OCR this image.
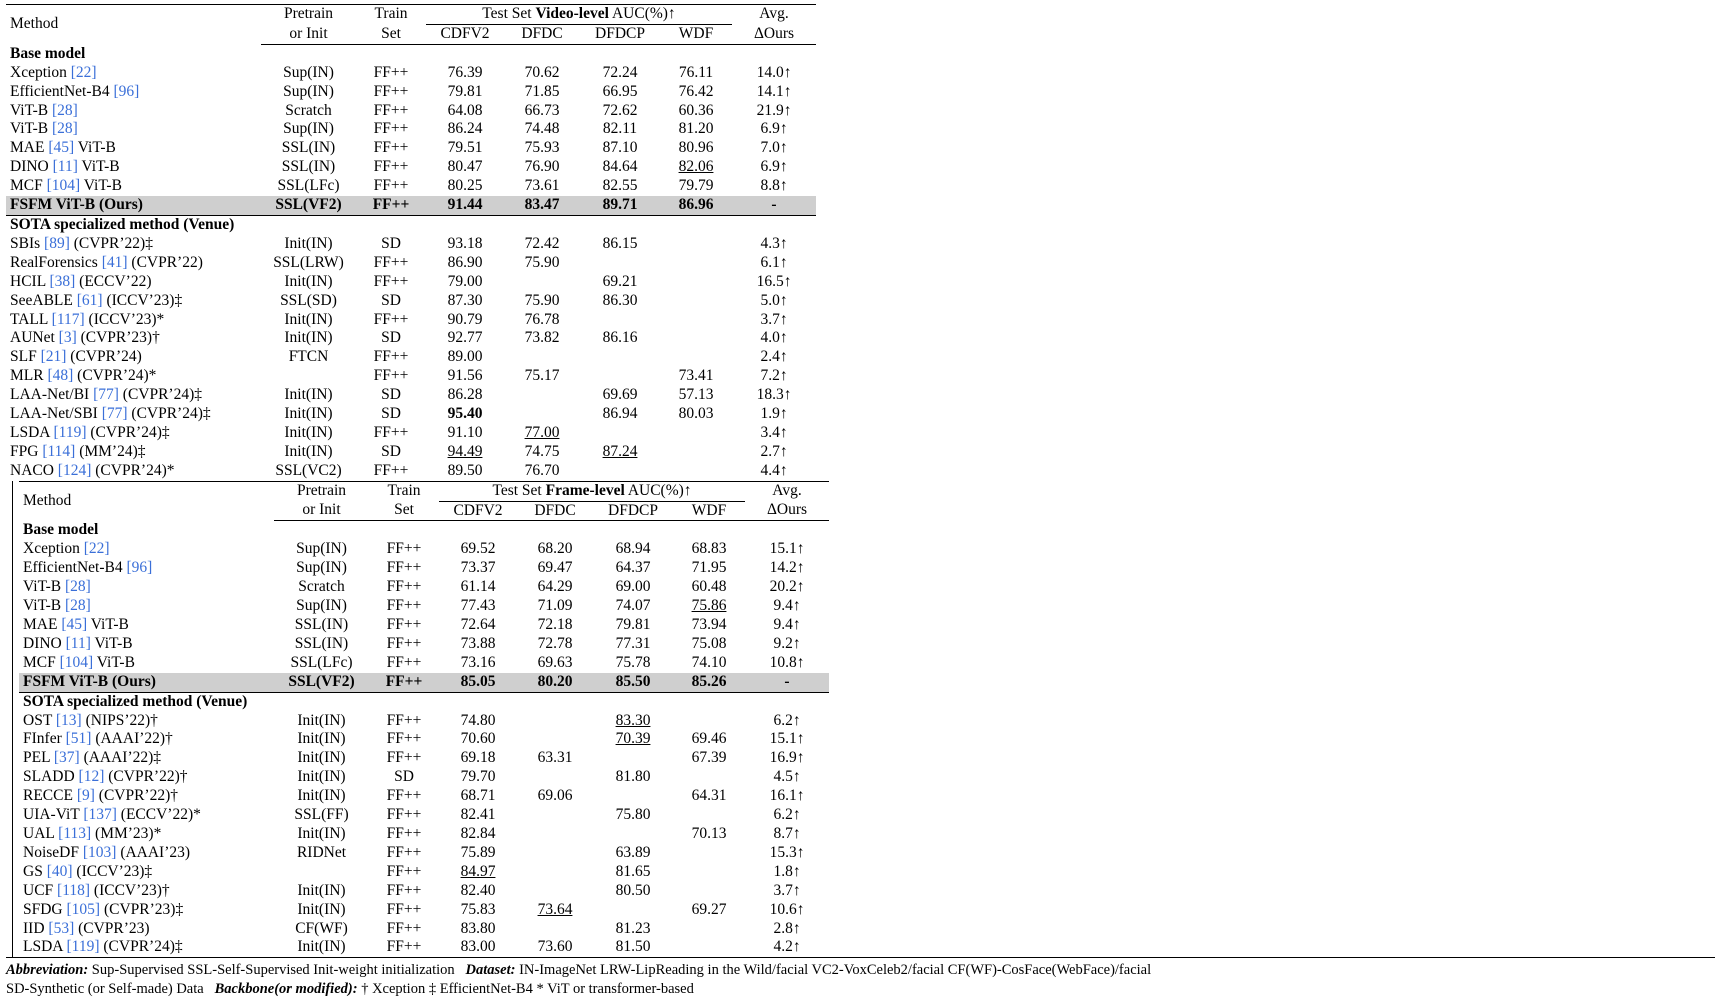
Method	Pretrain	Train	Test Set Video-level AUC(%)↑				Avg.
	or Init	Set	CDFV2	DFDC	DFDCP	WDF	ΔOurs
Base model							
Xception [22]	Sup(IN)	FF++	76.39	70.62	72.24	76.11	14.0↑
EfficientNet-B4 [96]	Sup(IN)	FF++	79.81	71.85	66.95	76.42	14.1↑
ViT-B [28]	Scratch	FF++	64.08	66.73	72.62	60.36	21.9↑
ViT-B [28]	Sup(IN)	FF++	86.24	74.48	82.11	81.20	6.9↑
MAE [45] ViT-B	SSL(IN)	FF++	79.51	75.93	87.10	80.96	7.0↑
DINO [11] ViT-B	SSL(IN)	FF++	80.47	76.90	84.64	82.06	6.9↑
MCF [104] ViT-B	SSL(LFc)	FF++	80.25	73.61	82.55	79.79	8.8↑
FSFM ViT-B (Ours)	SSL(VF2)	FF++	91.44	83.47	89.71	86.96	-
SOTA specialized method (Venue)							
SBIs [89] (CVPR’22)‡	Init(IN)	SD	93.18	72.42	86.15		4.3↑
RealForensics [41] (CVPR’22)	SSL(LRW)	FF++	86.90	75.90			6.1↑
HCIL [38] (ECCV’22)	Init(IN)	FF++	79.00		69.21		16.5↑
SeeABLE [61] (ICCV’23)‡	SSL(SD)	SD	87.30	75.90	86.30		5.0↑
TALL [117] (ICCV’23)*	Init(IN)	FF++	90.79	76.78			3.7↑
AUNet [3] (CVPR’23)†	Init(IN)	SD	92.77	73.82	86.16		4.0↑
SLF [21] (CVPR’24)	FTCN	FF++	89.00				2.4↑
MLR [48] (CVPR’24)*		FF++	91.56	75.17		73.41	7.2↑
LAA-Net/BI [77] (CVPR’24)‡	Init(IN)	SD	86.28		69.69	57.13	18.3↑
LAA-Net/SBI [77] (CVPR’24)‡	Init(IN)	SD	95.40		86.94	80.03	1.9↑
LSDA [119] (CVPR’24)‡	Init(IN)	FF++	91.10	77.00			3.4↑
FPG [114] (MM’24)‡	Init(IN)	SD	94.49	74.75	87.24		2.7↑
NACO [124] (CVPR’24)*	SSL(VC2)	FF++	89.50	76.70			4.4↑
Method	Pretrain	Train	Test Set Frame-level AUC(%)↑				Avg.
	or Init	Set	CDFV2	DFDC	DFDCP	WDF	ΔOurs
Base model							
Xception [22]	Sup(IN)	FF++	69.52	68.20	68.94	68.83	15.1↑
EfficientNet-B4 [96]	Sup(IN)	FF++	73.37	69.47	64.37	71.95	14.2↑
ViT-B [28]	Scratch	FF++	61.14	64.29	69.00	60.48	20.2↑
ViT-B [28]	Sup(IN)	FF++	77.43	71.09	74.07	75.86	9.4↑
MAE [45] ViT-B	SSL(IN)	FF++	72.64	72.18	79.81	73.94	9.4↑
DINO [11] ViT-B	SSL(IN)	FF++	73.88	72.78	77.31	75.08	9.2↑
MCF [104] ViT-B	SSL(LFc)	FF++	73.16	69.63	75.78	74.10	10.8↑
FSFM ViT-B (Ours)	SSL(VF2)	FF++	85.05	80.20	85.50	85.26	-
SOTA specialized method (Venue)							
OST [13] (NIPS’22)†	Init(IN)	FF++	74.80		83.30		6.2↑
FInfer [51] (AAAI’22)†	Init(IN)	FF++	70.60		70.39	69.46	15.1↑
PEL [37] (AAAI’22)‡	Init(IN)	FF++	69.18	63.31		67.39	16.9↑
SLADD [12] (CVPR’22)†	Init(IN)	SD	79.70		81.80		4.5↑
RECCE [9] (CVPR’22)†	Init(IN)	FF++	68.71	69.06		64.31	16.1↑
UIA-ViT [137] (ECCV’22)*	SSL(FF)	FF++	82.41		75.80		6.2↑
UAL [113] (MM’23)*	Init(IN)	FF++	82.84			70.13	8.7↑
NoiseDF [103] (AAAI’23)	RIDNet	FF++	75.89		63.89		15.3↑
GS [40] (ICCV’23)‡		FF++	84.97		81.65		1.8↑
UCF [118] (ICCV’23)†	Init(IN)	FF++	82.40		80.50		3.7↑
SFDG [105] (CVPR’23)‡	Init(IN)	FF++	75.83	73.64		69.27	10.6↑
IID [53] (CVPR’23)	CF(WF)	FF++	83.80		81.23		2.8↑
LSDA [119] (CVPR’24)‡	Init(IN)	FF++	83.00	73.60	81.50		4.2↑
Abbreviation: Sup-Supervised SSL-Self-Supervised Init-weight initialization Dataset: IN-ImageNet LRW-LipReading in the Wild/facial VC2-VoxCeleb2/facial CF(WF)-CosFace(WebFace)/facial
SD-Synthetic (or Self-made) Data Backbone(or modified): † Xception ‡ EfficientNet-B4 * ViT or transformer-based
